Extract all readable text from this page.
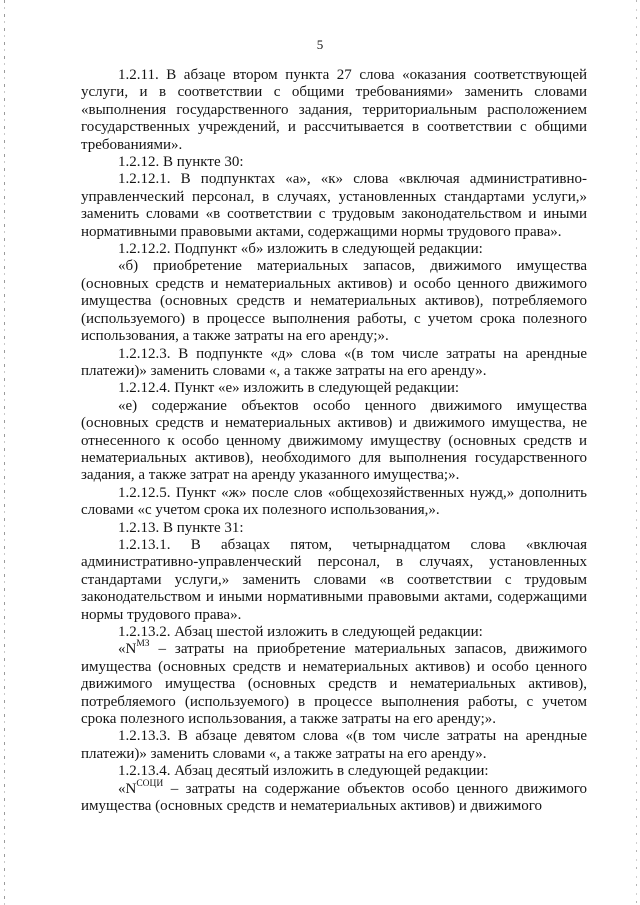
5

1.2.11. В абзаце втором пункта 27 слова «оказания соответствующей услуги, и в соответствии с общими требованиями» заменить словами «выполнения государственного задания, территориальным расположением государственных учреждений, и рассчитывается в соответствии с общими требованиями».

1.2.12. В пункте 30:

1.2.12.1. В подпунктах «а», «к» слова «включая административно-управленческий персонал, в случаях, установленных стандартами услуги,» заменить словами «в соответствии с трудовым законодательством и иными нормативными правовыми актами, содержащими нормы трудового права».

1.2.12.2. Подпункт «б» изложить в следующей редакции:

«б) приобретение материальных запасов, движимого имущества (основных средств и нематериальных активов) и особо ценного движимого имущества (основных средств и нематериальных активов), потребляемого (используемого) в процессе выполнения работы, с учетом срока полезного использования, а также затраты на его аренду;».

1.2.12.3. В подпункте «д» слова «(в том числе затраты на арендные платежи)» заменить словами «, а также затраты на его аренду».

1.2.12.4. Пункт «е» изложить в следующей редакции:

«е) содержание объектов особо ценного движимого имущества (основных средств и нематериальных активов) и движимого имущества, не отнесенного к особо ценному движимому имуществу (основных средств и нематериальных активов), необходимого для выполнения государственного задания, а также затрат на аренду указанного имущества;».

1.2.12.5. Пункт «ж» после слов «общехозяйственных нужд,» дополнить словами «с учетом срока их полезного использования,».

1.2.13. В пункте 31:

1.2.13.1. В абзацах пятом, четырнадцатом слова «включая административно-управленческий персонал, в случаях, установленных стандартами услуги,» заменить словами «в соответствии с трудовым законодательством и иными нормативными правовыми актами, содержащими нормы трудового права».

1.2.13.2. Абзац шестой изложить в следующей редакции:

«$N^{МЗ}$ – затраты на приобретение материальных запасов, движимого имущества (основных средств и нематериальных активов) и особо ценного движимого имущества (основных средств и нематериальных активов), потребляемого (используемого) в процессе выполнения работы, с учетом срока полезного использования, а также затраты на его аренду;».

1.2.13.3. В абзаце девятом слова «(в том числе затраты на арендные платежи)» заменить словами «, а также затраты на его аренду».

1.2.13.4. Абзац десятый изложить в следующей редакции:

«$N^{СОЦИ}$ – затраты на содержание объектов особо ценного движимого имущества (основных средств и нематериальных активов) и движимого
